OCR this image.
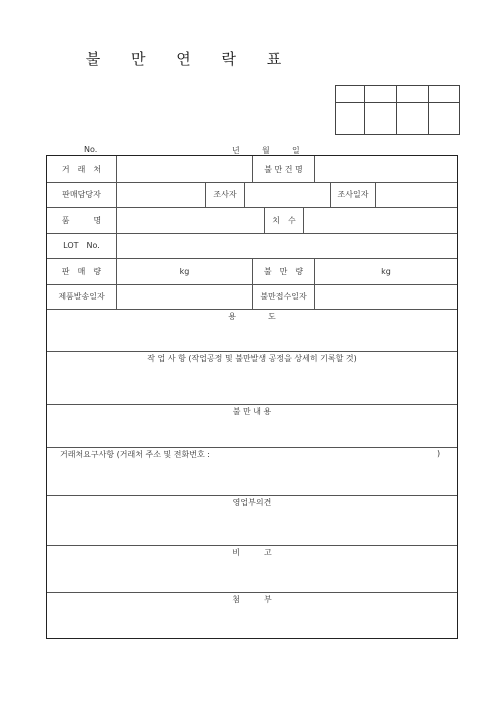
불 만 연 락 표

No.	년	월	일
거　래　처	불 만 건 명
판매담당자	조사자	조사일자
품　　　명	치　수
LOT　No.
판　매　량	kg	불　만　량	kg
제품발송일자	불만접수일자
용　　　　도
작 업 사 항 (작업공정 및 불만발생 공정을 상세히 기록할 것)
불 만 내 용
거래처요구사항 (거래처 주소 및 전화번호 :	)
영업부의견
비　　　고
첨　　　부
